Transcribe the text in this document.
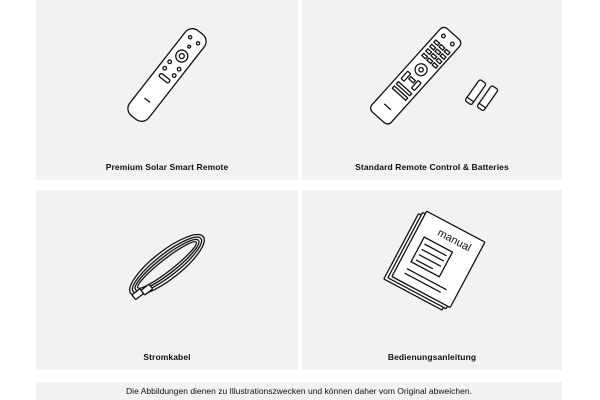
Premium Solar Smart Remote	Standard Remote Control & Batteries
Stromkabel
manual
Bedienungsanleitung
Die Abbildungen dienen zu Illustrationszwecken und können daher vom Original abweichen.
